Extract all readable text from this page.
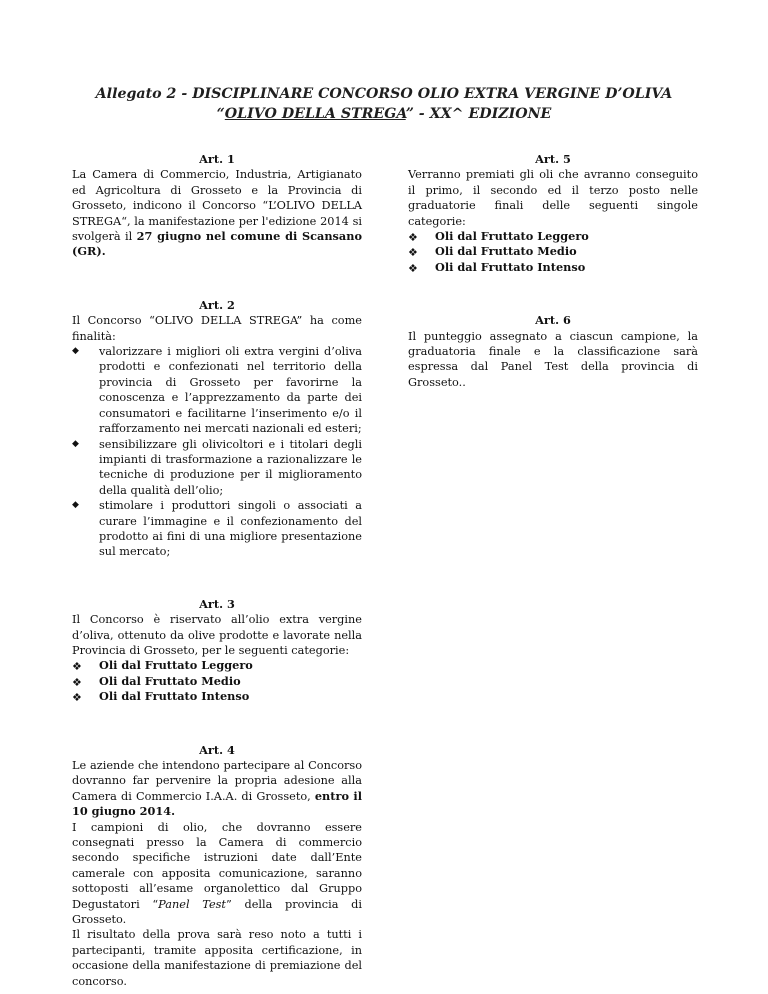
Allegato 2 - DISCIPLINARE CONCORSO OLIO EXTRA VERGINE D’OLIVA
“OLIVO DELLA STREGA” - XX^ EDIZIONE

Art. 1

La Camera di Commercio, Industria, Artigianato ed Agricoltura di Grosseto e la Provincia di Grosseto, indicono il Concorso “L’OLIVO DELLA STREGA“, la manifestazione per l'edizione 2014 si svolgerà il 27 giugno nel comune di Scansano (GR).

Art. 2

Il Concorso “OLIVO DELLA STREGA” ha come finalità:

◆	valorizzare i migliori oli extra vergini d’oliva prodotti e confezionati nel territorio della provincia di Grosseto per favorirne la conoscenza e l’apprezzamento da parte dei consumatori e facilitarne l’inserimento e/o il rafforzamento nei mercati nazionali ed esteri;
◆	sensibilizzare gli olivicoltori e i titolari degli impianti di trasformazione a razionalizzare le tecniche di produzione per il miglioramento della qualità dell’olio;
◆	stimolare i produttori singoli o associati a curare l’immagine e il confezionamento del prodotto ai fini di una migliore presentazione sul mercato;

Art. 3

Il Concorso è riservato all’olio extra vergine d’oliva, ottenuto da olive prodotte e lavorate nella Provincia di Grosseto, per le seguenti categorie:

❖ Oli dal Fruttato Leggero
❖ Oli dal Fruttato Medio
❖ Oli dal Fruttato Intenso

Art. 4

Le aziende che intendono partecipare al Concorso dovranno far pervenire la propria adesione alla Camera di Commercio I.A.A. di Grosseto, entro il 10 giugno 2014.

I campioni di olio, che dovranno essere consegnati presso la Camera di commercio secondo specifiche istruzioni date dall’Ente camerale con apposita comunicazione, saranno sottoposti all’esame organolettico dal Gruppo Degustatori “Panel Test” della provincia di Grosseto.

Il risultato della prova sarà reso noto a tutti i partecipanti, tramite apposita certificazione, in occasione della manifestazione di premiazione del concorso.

Art. 5

Verranno premiati gli oli che avranno conseguito il primo, il secondo ed il terzo posto nelle graduatorie finali delle seguenti singole categorie:

❖ Oli dal Fruttato Leggero
❖ Oli dal Fruttato Medio
❖ Oli dal Fruttato Intenso

Art. 6

Il punteggio assegnato a ciascun campione, la graduatoria finale e la classificazione sarà espressa dal Panel Test della provincia di Grosseto..
